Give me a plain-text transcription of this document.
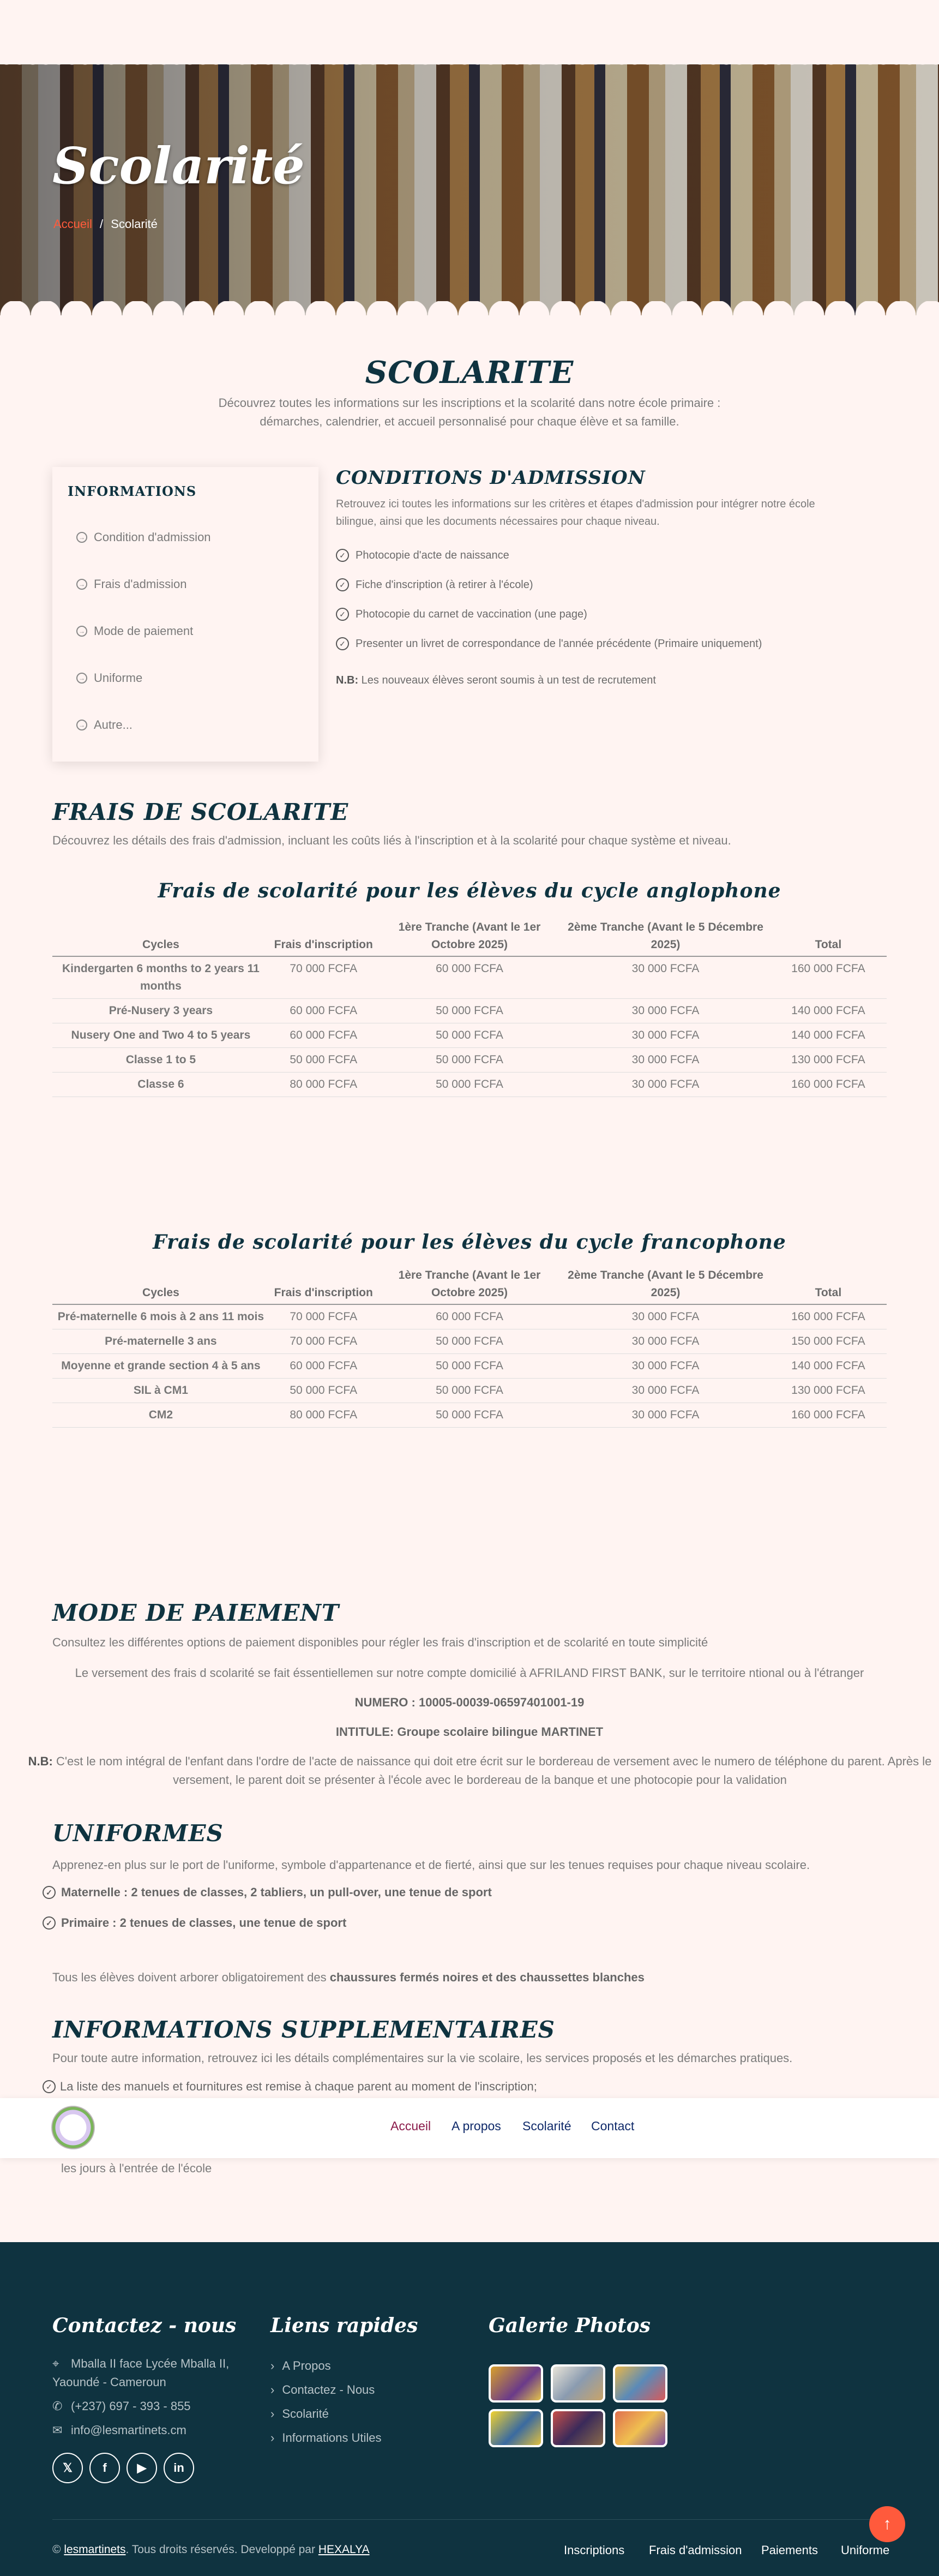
Scolarité
Accueil / Scolarité
SCOLARITE

Découvrez toutes les informations sur les inscriptions et la scolarité dans notre école primaire : démarches, calendrier, et accueil personnalisé pour chaque élève et sa famille.

INFORMATIONS
→ Condition d'admission
→ Frais d'admission
→ Mode de paiement
→ Uniforme
→ Autre...
CONDITIONS D'ADMISSION

Retrouvez ici toutes les informations sur les critères et étapes d'admission pour intégrer notre école bilingue, ainsi que les documents nécessaires pour chaque niveau.

✓ Photocopie d'acte de naissance
✓ Fiche d'inscription (à retirer à l'école)
✓ Photocopie du carnet de vaccination (une page)
✓ Presenter un livret de correspondance de l'année précédente (Primaire uniquement)
N.B: Les nouveaux élèves seront soumis à un test de recrutement
FRAIS DE SCOLARITE

Découvrez les détails des frais d'admission, incluant les coûts liés à l'inscription et à la scolarité pour chaque système et niveau.

Frais de scolarité pour les élèves du cycle anglophone
Cycles	Frais d'inscription	1ère Tranche (Avant le 1er Octobre 2025)	2ème Tranche (Avant le 5 Décembre 2025)	Total
Kindergarten 6 months to 2 years 11 months	70 000 FCFA	60 000 FCFA	30 000 FCFA	160 000 FCFA
Pré-Nusery 3 years	60 000 FCFA	50 000 FCFA	30 000 FCFA	140 000 FCFA
Nusery One and Two 4 to 5 years	60 000 FCFA	50 000 FCFA	30 000 FCFA	140 000 FCFA
Classe 1 to 5	50 000 FCFA	50 000 FCFA	30 000 FCFA	130 000 FCFA
Classe 6	80 000 FCFA	50 000 FCFA	30 000 FCFA	160 000 FCFA
Frais de scolarité pour les élèves du cycle francophone
Cycles	Frais d'inscription	1ère Tranche (Avant le 1er Octobre 2025)	2ème Tranche (Avant le 5 Décembre 2025)	Total
Pré-maternelle 6 mois à 2 ans 11 mois	70 000 FCFA	60 000 FCFA	30 000 FCFA	160 000 FCFA
Pré-maternelle 3 ans	70 000 FCFA	50 000 FCFA	30 000 FCFA	150 000 FCFA
Moyenne et grande section 4 à 5 ans	60 000 FCFA	50 000 FCFA	30 000 FCFA	140 000 FCFA
SIL à CM1	50 000 FCFA	50 000 FCFA	30 000 FCFA	130 000 FCFA
CM2	80 000 FCFA	50 000 FCFA	30 000 FCFA	160 000 FCFA
MODE DE PAIEMENT

Consultez les différentes options de paiement disponibles pour régler les frais d'inscription et de scolarité en toute simplicité

Le versement des frais d scolarité se fait éssentiellemen sur notre compte domicilié à AFRILAND FIRST BANK, sur le territoire ntional ou à l'étranger
NUMERO : 10005-00039-06597401001-19
INTITULE: Groupe scolaire bilingue MARTINET
N.B: C'est le nom intégral de l'enfant dans l'ordre de l'acte de naissance qui doit etre écrit sur le bordereau de versement avec le numero de téléphone du parent. Après le versement, le parent doit se présenter à l'école avec le bordereau de la banque et une photocopie pour la validation
UNIFORMES

Apprenez-en plus sur le port de l'uniforme, symbole d'appartenance et de fierté, ainsi que sur les tenues requises pour chaque niveau scolaire.

✓ Maternelle : 2 tenues de classes, 2 tabliers, un pull-over, une tenue de sport
✓ Primaire : 2 tenues de classes, une tenue de sport
Tous les élèves doivent arborer obligatoirement des chaussures fermés noires et des chaussettes blanches
INFORMATIONS SUPPLEMENTAIRES

Pour toute autre information, retrouvez ici les détails complémentaires sur la vie scolaire, les services proposés et les démarches pratiques.

✓ La liste des manuels et fournitures est remise à chaque parent au moment de l'inscription;
les jours à l'entrée de l'école
Accueil A propos Scolarité Contact
Contactez - nous
⌖ Mballa II face Lycée Mballa II, Yaoundé - Cameroun
✆ (+237) 697 - 393 - 855
✉ info@lesmartinets.cm
𝕏	f	▶	in
Liens rapides
› A Propos
› Contactez - Nous
› Scolarité
› Informations Utiles
Galerie Photos
© lesmartinets. Tous droits réservés. Developpé par HEXALYA	Inscriptions Frais d'admission Paiements Uniforme
↑
